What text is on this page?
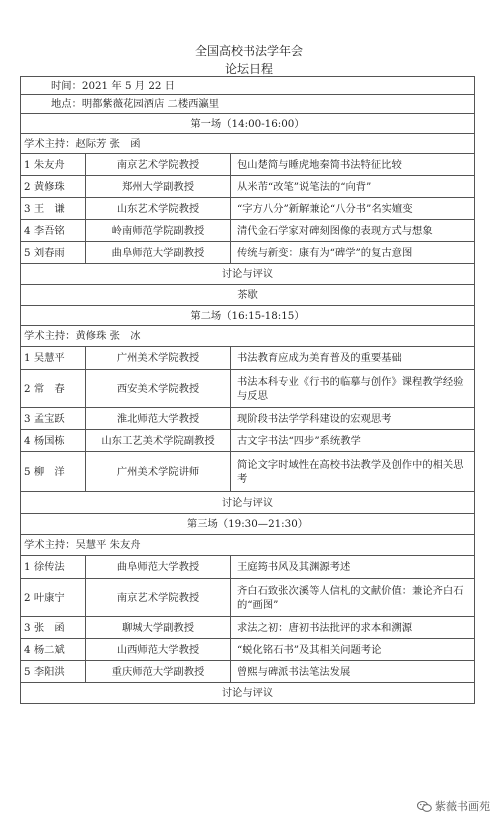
全国高校书法学年会
论坛日程
时间：2021 年 5 月 22 日		
地点：明都紫薇花园酒店 二楼西瀛里		
第一场（14:00-16:00）		
学术主持：赵际芳 张　函		
1 朱友舟	南京艺术学院教授	包山楚简与睡虎地秦简书法特征比较
2 黄修珠	郑州大学副教授	从米芾“改笔”说笔法的“向背”
3 王　谦	山东艺术学院教授	“字方八分”新解兼论“八分书”名实嬗变
4 李吾铭	岭南师范学院副教授	清代金石学家对碑刻图像的表现方式与想象
5 刘春雨	曲阜师范大学副教授	传统与新变：康有为“碑学”的复古意图
讨论与评议		
茶歇		
第二场（16:15-18:15）		
学术主持：黄修珠 张　冰		
1 吴慧平	广州美术学院教授	书法教育应成为美育普及的重要基础
2 常　春	西安美术学院教授	书法本科专业《行书的临摹与创作》课程教学经验与反思
3 孟宝跃	淮北师范大学教授	现阶段书法学学科建设的宏观思考
4 杨国栋	山东工艺美术学院副教授	古文字书法“四步”系统教学
5 柳　洋	广州美术学院讲师	简论文字时域性在高校书法教学及创作中的相关思考
讨论与评议		
第三场（19:30—21:30）		
学术主持：吴慧平 朱友舟		
1 徐传法	曲阜师范大学教授	王庭筠书风及其渊源考述
2 叶康宁	南京艺术学院教授	齐白石致张次溪等人信札的文献价值：兼论齐白石的“画图”
3 张　函	聊城大学副教授	求法之初：唐初书法批评的求本和溯源
4 杨二斌	山西师范大学教授	“蜕化铭石书”及其相关问题考论
5 李阳洪	重庆师范大学副教授	曾熙与碑派书法笔法发展
讨论与评议		
紫薇书画苑
